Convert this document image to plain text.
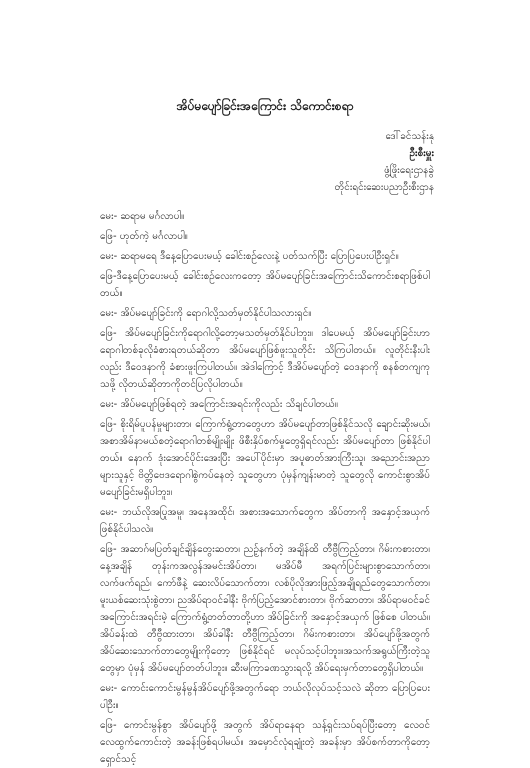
အိပ်မပျော်ခြင်းအကြောင်း သိကောင်းစရာ
ဒေါ်ခင်သန်းနု
ဦးစီးမှူး
ဖွံ့ဖြိုးရေးဌာနခွဲ
တိုင်းရင်းဆေးပညာဦးစီးဌာန

မေး- ဆရာမ မင်္ဂလာပါ။

ဖြေ- ဟုတ်ကဲ့ မင်္ဂလာပါ။

မေး- ဆရာမရေ ဒီနေ့ပြောပေးမယ့် ခေါင်းစဉ်လေးနဲ့ ပတ်သက်ပြီး ပြောပြပေးပါဦးရှင်။

ဖြေ-ဒီနေ့ပြောပေးမယ့် ခေါင်းစဉ်လေးကတော့ အိပ်မပျော်ခြင်းအကြောင်းသိကောင်းစရာဖြစ်ပါတယ်။

မေး- အိပ်မပျော်ခြင်းကို ရောဂါလို့သတ်မှတ်နိုင်ပါသလားရှင်။

ဖြေ- အိပ်မပျော်ခြင်းကိုရောဂါလို့တော့မသတ်မှတ်နိုင်ပါဘူး။ ဒါပေမယ့် အိပ်မပျော်ခြင်းဟာ ရောဂါတစ်ခုလိုခံစားရတယ်ဆိုတာ အိပ်မပျော်ဖြစ်ဖူးသူတိုင်း သိကြပါတယ်။ လူတိုင်းနီးပါးလည်း ဒီဝေဒနာကို ခံစားဖူးကြပါတယ်။ အဲဒါကြောင့် ဒီအိပ်မပျော်တဲ့ ဝေဒနာကို စနစ်တကျကုသဖို့ လိုတယ်ဆိုတာကိုတင်ပြလိုပါတယ်။

မေး- အိပ်မပျော်ဖြစ်ရတဲ့ အကြောင်းအရင်းကိုလည်း သိချင်ပါတယ်။

ဖြေ- စိုးရိမ်ပူပန်မှုများတာ၊ ကြောက်ရွံ့တာတွေဟာ အိပ်မပျော်တာဖြစ်နိုင်သလို ချောင်းဆိုးမယ်၊ အစာအိမ်နာမယ်စတဲ့ရောဂါတစ်မျိုးမျိုး ဖိစီးနှိပ်စက်မှုတွေရှိရင်လည်း အိပ်မပျော်တာ ဖြစ်နိုင်ပါတယ်။ နောက် ဒုံးအောင်ပိုင်းအေးပြီး အပေါ်ပိုင်းမှာ အပူဓာတ်အားကြီးသူ၊ အညောင်းအညာများသူနှင့် ဗိတ္တိဗေဒရောဂါစွဲကပ်နေတဲ့ သူတွေဟာ ပုံမှန်ကျန်းမာတဲ့ သူတွေလို ကောင်းစွာအိပ်မပျော်ခြင်းမရှိပါဘူး။

မေး- ဘယ်လိုအပြုအမူ၊ အနေအထိုင်၊ အစားအသောက်တွေက အိပ်တာကို အနှောင့်အယှက်ဖြစ်နိုင်ပါသလဲ။

ဖြေ- အဆာဂ်မပြတ်ချင်ချိန်တွေးဆတာ၊ ညဥ့်နက်တဲ့ အချိန်ထိ တီဗွီကြည့်တာ၊ ဂိမ်းကစားတာ၊ နေ့အချိန် တုန်းကအလွန်အမင်းအိပ်တာ၊ မအိပ်မီ အရက်ပြင်းများစွာသောက်တာ၊ လက်ဖက်ရည်၊ ကော်ဖီနဲ့ ဆေးလိပ်သောက်တာ၊ လစ်ပိုလိုအားဖြည့်အချိုရည်တွေသောက်တာ၊ မူးယစ်ဆေးသုံးစွဲတာ၊ ညအိပ်ရာဝင်ခါနီး ဗိုက်ပြည့်အောင်စားတာ၊ ဗိုက်ဆာတာ၊ အိပ်ရာမဝင်ခင် အကြောင်းအရင်းမဲ့ ကြောက်ရွံ့တတ်တာတို့ဟာ အိပ်ခြင်းကို အနှောင့်အယှက် ဖြစ်စေ ပါတယ်။ အိပ်ခန်းထဲ တီဗွီထားတာ၊ အိပ်ခါနီး တီဗွီကြည့်တာ၊ ဂိမ်းကစားတာ၊ အိပ်ပျော်ဖို့အတွက် အိပ်ဆေးသောက်တာတွေမျိုးကိုတော့ ဖြစ်နိုင်ရင် မလုပ်သင့်ပါဘူး။အသက်အရွယ်ကြီးတဲ့သူတွေမှာ ပုံမှန် အိပ်မပျော်တတ်ပါဘူး။ ဆီးမကြာခဏသွားရလို့ အိပ်ရေးမှက်တာတွေရှိပါတယ်။

မေး- ကောင်းကောင်းမွန်မွန်အိပ်ပျော်ဖို့အတွက်ရော ဘယ်လိုလုပ်သင့်သလဲ ဆိုတာ ပြောပြပေးပါဦး။

ဖြေ- ကောင်းမွန်စွာ အိပ်ပျော်ဖို့ အတွက် အိပ်ရာနေရာ သန့်ရှင်းသပ်ရပ်ပြီးတော့ လေဝင်လေထွက်ကောင်းတဲ့ အခန်းဖြစ်ရပါမယ်။ အမှောင်လုံရချုံးတဲ့ အခန်းမှာ အိပ်စက်တာကိုတော့ ရှောင်သင့်
